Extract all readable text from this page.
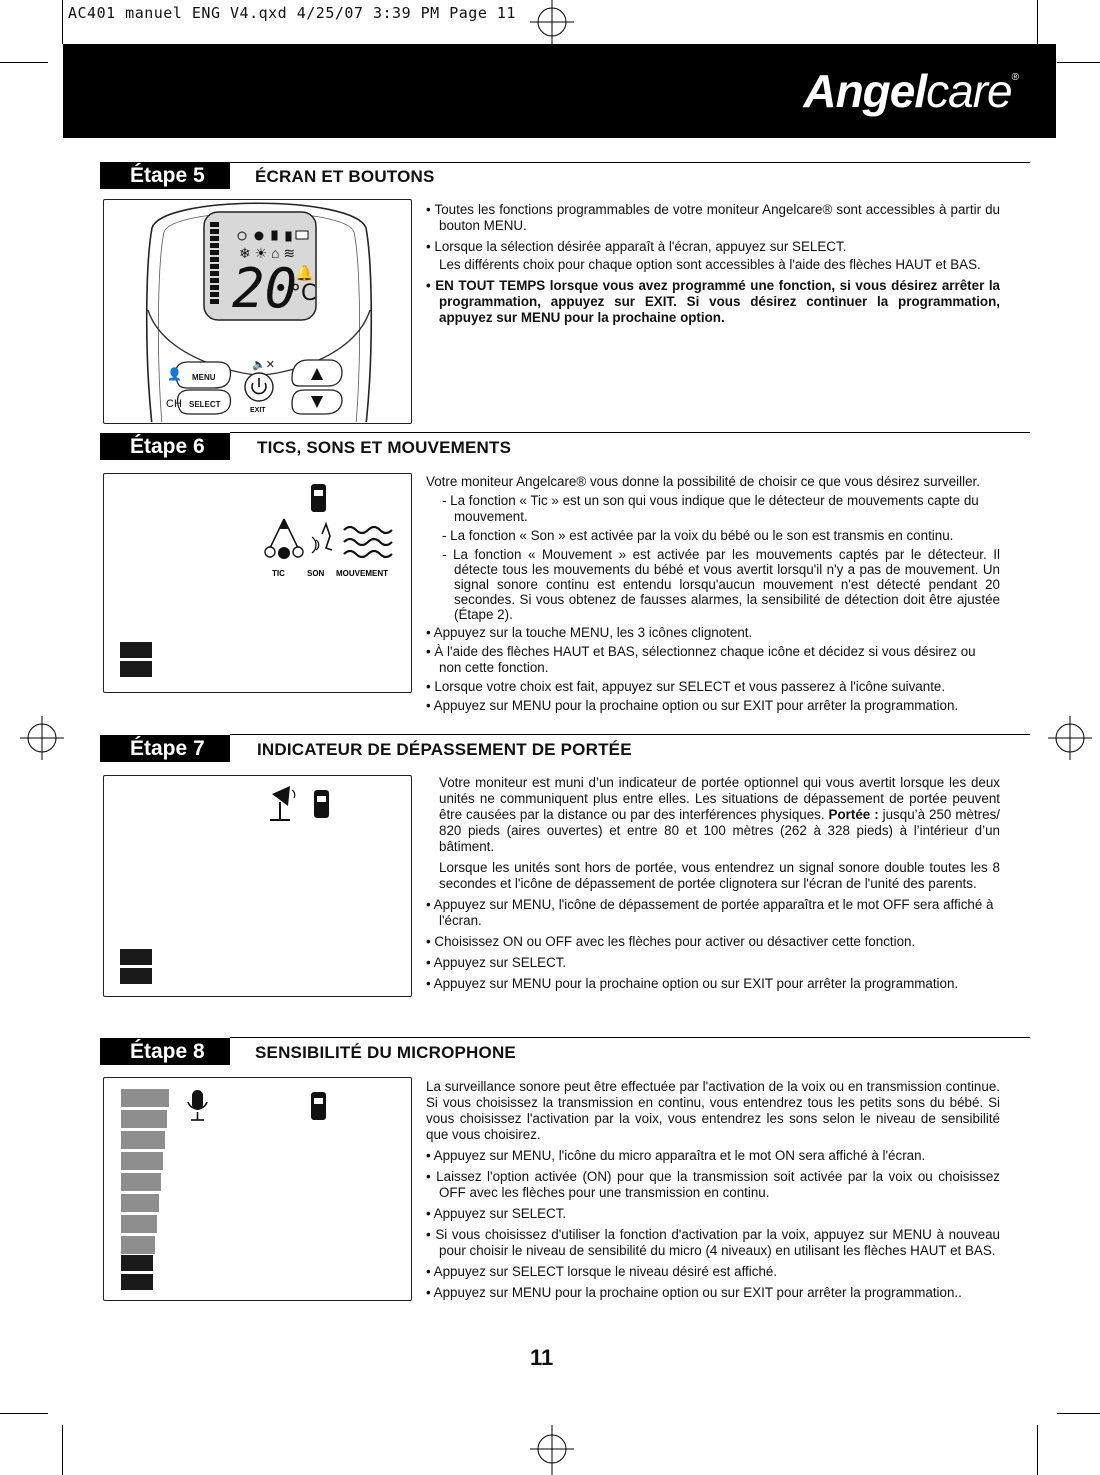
AC401 manuel ENG V4.qxd 4/25/07 3:39 PM Page 11
Angelcare®
Étape 5	ÉCRAN ET BOUTONS
❄ ☀ ⌂ ≋
20
°C
🔔
MENU
SELECT
CH
👤
EXIT
🔈✕

• Toutes les fonctions programmables de votre moniteur Angelcare® sont accessibles à partir du bouton MENU.

• Lorsque la sélection désirée apparaît à l'écran, appuyez sur SELECT.

Les différents choix pour chaque option sont accessibles à l'aide des flèches HAUT et BAS.

• EN TOUT TEMPS lorsque vous avez programmé une fonction, si vous désirez arrêter la programmation, appuyez sur EXIT. Si vous désirez continuer la programmation, appuyez sur MENU pour la prochaine option.

Étape 6	TICS, SONS ET MOUVEMENTS
TIC	SON MOUVEMENT

Votre moniteur Angelcare® vous donne la possibilité de choisir ce que vous désirez surveiller.

- La fonction « Tic » est un son qui vous indique que le détecteur de mouvements capte du mouvement.

- La fonction « Son » est activée par la voix du bébé ou le son est transmis en continu.

- La fonction « Mouvement » est activée par les mouvements captés par le détecteur. Il détecte tous les mouvements du bébé et vous avertit lorsqu'il n'y a pas de mouvement. Un signal sonore continu est entendu lorsqu'aucun mouvement n'est détecté pendant 20 secondes. Si vous obtenez de fausses alarmes, la sensibilité de détection doit être ajustée (Étape 2).

• Appuyez sur la touche MENU, les 3 icônes clignotent.

• À l'aide des flèches HAUT et BAS, sélectionnez chaque icône et décidez si vous désirez ou non cette fonction.

• Lorsque votre choix est fait, appuyez sur SELECT et vous passerez à l'icône suivante.

• Appuyez sur MENU pour la prochaine option ou sur EXIT pour arrêter la programmation.

Étape 7	INDICATEUR DE DÉPASSEMENT DE PORTÉE

Votre moniteur est muni d’un indicateur de portée optionnel qui vous avertit lorsque les deux unités ne communiquent plus entre elles. Les situations de dépassement de portée peuvent être causées par la distance ou par des interférences physiques. Portée : jusqu’à 250 mètres/ 820 pieds (aires ouvertes) et entre 80 et 100 mètres (262 à 328 pieds) à l’intérieur d’un bâtiment.

Lorsque les unités sont hors de portée, vous entendrez un signal sonore double toutes les 8 secondes et l'icône de dépassement de portée clignotera sur l'écran de l'unité des parents.

• Appuyez sur MENU, l'icône de dépassement de portée apparaîtra et le mot OFF sera affiché à l'écran.

• Choisissez ON ou OFF avec les flèches pour activer ou désactiver cette fonction.

• Appuyez sur SELECT.

• Appuyez sur MENU pour la prochaine option ou sur EXIT pour arrêter la programmation.

Étape 8	SENSIBILITÉ DU MICROPHONE

La surveillance sonore peut être effectuée par l'activation de la voix ou en transmission continue. Si vous choisissez la transmission en continu, vous entendrez tous les petits sons du bébé. Si vous choisissez l'activation par la voix, vous entendrez les sons selon le niveau de sensibilité que vous choisirez.

• Appuyez sur MENU, l'icône du micro apparaîtra et le mot ON sera affiché à l'écran.

• Laissez l'option activée (ON) pour que la transmission soit activée par la voix ou choisissez OFF avec les flèches pour une transmission en continu.

• Appuyez sur SELECT.

• Si vous choisissez d'utiliser la fonction d'activation par la voix, appuyez sur MENU à nouveau pour choisir le niveau de sensibilité du micro (4 niveaux) en utilisant les flèches HAUT et BAS.

• Appuyez sur SELECT lorsque le niveau désiré est affiché.

• Appuyez sur MENU pour la prochaine option ou sur EXIT pour arrêter la programmation..

11
